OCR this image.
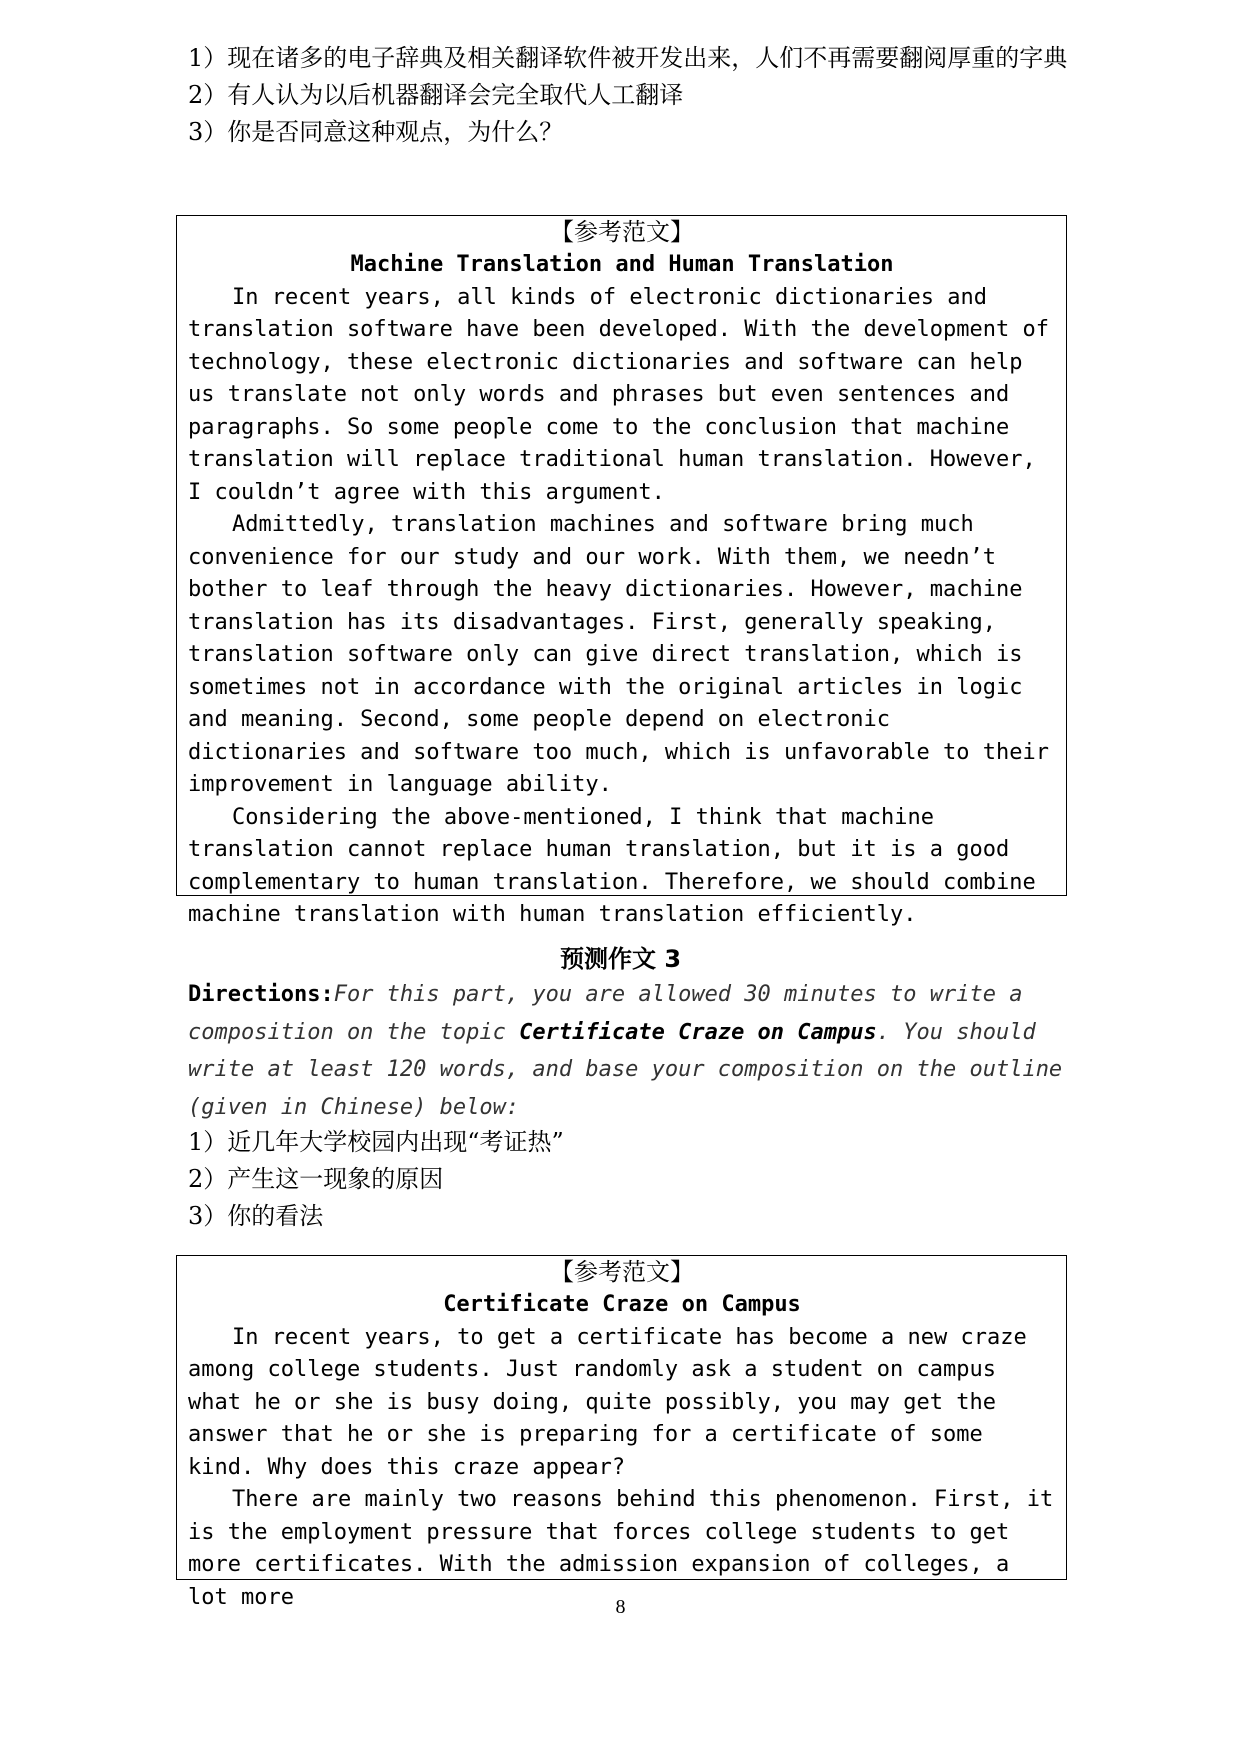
1）现在诸多的电子辞典及相关翻译软件被开发出来，人们不再需要翻阅厚重的字典
2）有人认为以后机器翻译会完全取代人工翻译
3）你是否同意这种观点，为什么？
【参考范文】
Machine Translation and Human Translation

In recent years, all kinds of electronic dictionaries and translation software have been developed. With the development of technology, these electronic dictionaries and software can help us translate not only words and phrases but even sentences and paragraphs. So some people come to the conclusion that machine translation will replace traditional human translation. However, I couldn’t agree with this argument.

Admittedly, translation machines and software bring much convenience for our study and our work. With them, we needn’t bother to leaf through the heavy dictionaries. However, machine translation has its disadvantages. First, generally speaking, translation software only can give direct translation, which is sometimes not in accordance with the original articles in logic and meaning. Second, some people depend on electronic dictionaries and software too much, which is unfavorable to their improvement in language ability.

Considering the above-mentioned, I think that machine translation cannot replace human translation, but it is a good complementary to human translation. Therefore, we should combine machine translation with human translation efficiently.

预测作文 3
Directions:For this part, you are allowed 30 minutes to write a composition on the topic Certificate Craze on Campus. You should write at least 120 words, and base your composition on the outline (given in Chinese) below:
1）近几年大学校园内出现“考证热”
2）产生这一现象的原因
3）你的看法
【参考范文】
Certificate Craze on Campus

In recent years, to get a certificate has become a new craze among college students. Just randomly ask a student on campus what he or she is busy doing, quite possibly, you may get the answer that he or she is preparing for a certificate of some kind. Why does this craze appear?

There are mainly two reasons behind this phenomenon. First, it is the employment pressure that forces college students to get more certificates. With the admission expansion of colleges, a lot more	8
